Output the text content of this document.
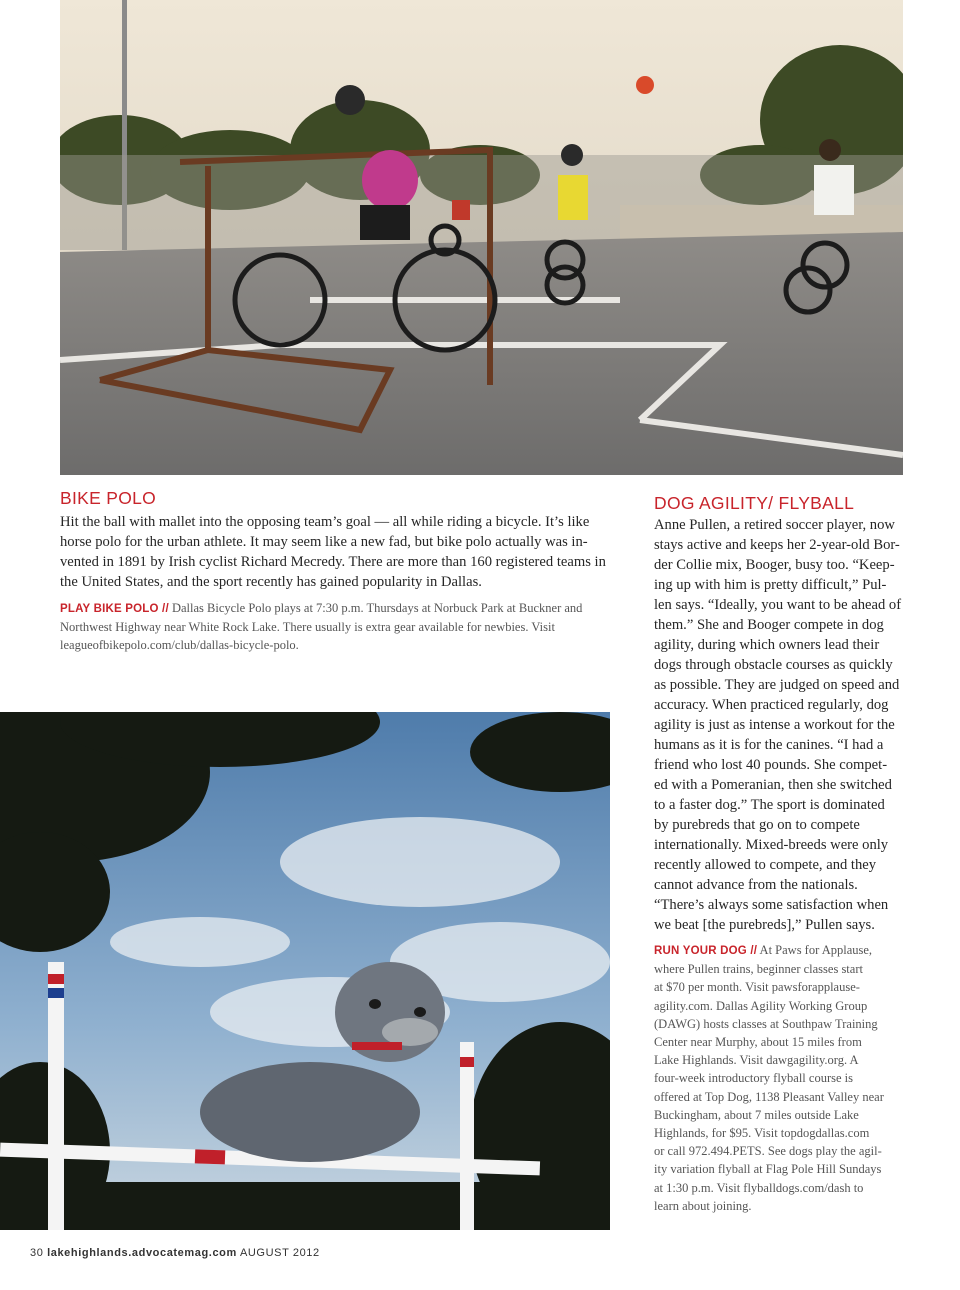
BIKE POLO

Hit the ball with mallet into the opposing team’s goal — all while riding a bicycle. It’s like
horse polo for the urban athlete. It may seem like a new fad, but bike polo actually was in-
vented in 1891 by Irish cyclist Richard Mecredy. There are more than 160 registered teams in
the United States, and the sport recently has gained popularity in Dallas.

PLAY BIKE POLO // Dallas Bicycle Polo plays at 7:30 p.m. Thursdays at Norbuck Park at Buckner and
Northwest Highway near White Rock Lake. There usually is extra gear available for newbies. Visit
leagueofbikepolo.com/club/dallas-bicycle-polo.

DOG AGILITY/ FLYBALL

Anne Pullen, a retired soccer player, now
stays active and keeps her 2-year-old Bor-
der Collie mix, Booger, busy too. “Keep-
ing up with him is pretty difficult,” Pul-
len says. “Ideally, you want to be ahead of
them.” She and Booger compete in dog
agility, during which owners lead their
dogs through obstacle courses as quickly
as possible. They are judged on speed and
accuracy. When practiced regularly, dog
agility is just as intense a workout for the
humans as it is for the canines. “I had a
friend who lost 40 pounds. She compet-
ed with a Pomeranian, then she switched
to a faster dog.” The sport is dominated
by purebreds that go on to compete
internationally. Mixed-breeds were only
recently allowed to compete, and they
cannot advance from the nationals.
“There’s always some satisfaction when
we beat [the purebreds],” Pullen says.

RUN YOUR DOG // At Paws for Applause,
where Pullen trains, beginner classes start
at $70 per month. Visit pawsforapplause-
agility.com. Dallas Agility Working Group
(DAWG) hosts classes at Southpaw Training
Center near Murphy, about 15 miles from
Lake Highlands. Visit dawgagility.org. A
four-week introductory flyball course is
offered at Top Dog, 1138 Pleasant Valley near
Buckingham, about 7 miles outside Lake
Highlands, for $95. Visit topdogdallas.com
or call 972.494.PETS. See dogs play the agil-
ity variation flyball at Flag Pole Hill Sundays
at 1:30 p.m. Visit flyballdogs.com/dash to
learn about joining.

30 lakehighlands.advocatemag.com AUGUST 2012
